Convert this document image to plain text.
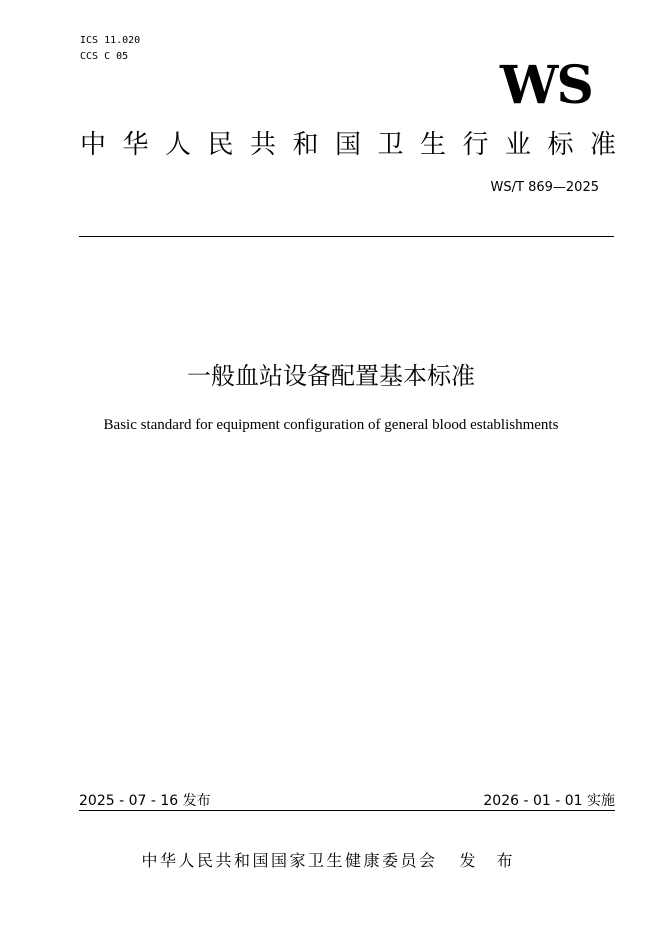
ICS 11.020
CCS C 05	WS
中华人民共和国卫生行业标准
WS/T 869—2025
一般血站设备配置基本标准
Basic standard for equipment configuration of general blood establishments
2025 - 07 - 16 发布	2026 - 01 - 01 实施
中华人民共和国国家卫生健康委员会 发 布
